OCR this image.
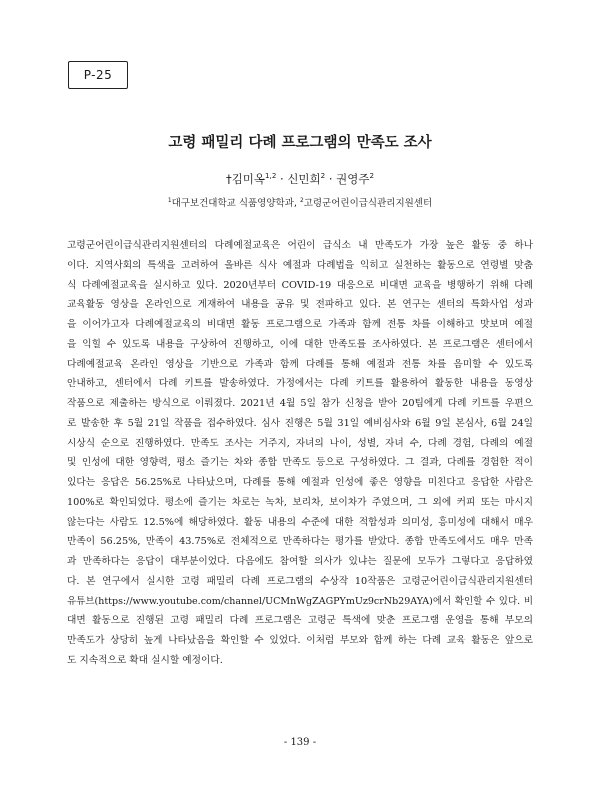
P-25
고령 패밀리 다례 프로그램의 만족도 조사
†김미옥$^{1,2}$ · 신민희$^2$ · 권영주$^2$
$^1$대구보건대학교 식품영양학과, $^2$고령군어린이급식관리지원센터
고령군어린이급식관리지원센터의 다례예절교육은 어린이 급식소 내 만족도가 가장 높은 활동 중 하나
이다. 지역사회의 특색을 고려하여 올바른 식사 예절과 다례법을 익히고 실천하는 활동으로 연령별 맞춤
식 다례예절교육을 실시하고 있다. 2020년부터 COVID-19 대응으로 비대면 교육을 병행하기 위해 다례
교육활동 영상을 온라인으로 게재하여 내용을 공유 및 전파하고 있다. 본 연구는 센터의 특화사업 성과
을 이어가고자 다례예절교육의 비대면 활동 프로그램으로 가족과 함께 전통 차를 이해하고 맛보며 예절
을 익힐 수 있도록 내용을 구상하여 진행하고, 이에 대한 만족도를 조사하였다. 본 프로그램은 센터에서
다례예절교육 온라인 영상을 기반으로 가족과 함께 다례를 통해 예절과 전통 차를 음미할 수 있도록
안내하고, 센터에서 다례 키트를 발송하였다. 가정에서는 다례 키트를 활용하여 활동한 내용을 동영상
작품으로 제출하는 방식으로 이뤄졌다. 2021년 4월 5일 참가 신청을 받아 20팀에게 다례 키트를 우편으
로 발송한 후 5월 21일 작품을 접수하였다. 심사 진행은 5월 31일 예비심사와 6월 9일 본심사, 6월 24일
시상식 순으로 진행하였다. 만족도 조사는 거주지, 자녀의 나이, 성별, 자녀 수, 다례 경험, 다례의 예절
및 인성에 대한 영향력, 평소 즐기는 차와 종합 만족도 등으로 구성하였다. 그 결과, 다례를 경험한 적이
있다는 응답은 56.25%로 나타났으며, 다례를 통해 예절과 인성에 좋은 영향을 미친다고 응답한 사람은
100%로 확인되었다. 평소에 즐기는 차로는 녹차, 보리차, 보이차가 주였으며, 그 외에 커피 또는 마시지
않는다는 사람도 12.5%에 해당하였다. 활동 내용의 수준에 대한 적합성과 의미성, 흥미성에 대해서 매우
만족이 56.25%, 만족이 43.75%로 전체적으로 만족하다는 평가를 받았다. 종합 만족도에서도 매우 만족
과 만족하다는 응답이 대부분이었다. 다음에도 참여할 의사가 있냐는 질문에 모두가 그렇다고 응답하였
다. 본 연구에서 실시한 고령 패밀리 다례 프로그램의 수상작 10작품은 고령군어린이급식관리지원센터
유튜브(https://www.youtube.com/channel/UCMnWgZAGPYmUz9crNb29AYA)에서 확인할 수 있다. 비
대면 활동으로 진행된 고령 패밀리 다례 프로그램은 고령군 특색에 맞춘 프로그램 운영을 통해 부모의
만족도가 상당히 높게 나타났음을 확인할 수 있었다. 이처럼 부모와 함께 하는 다례 교육 활동은 앞으로
도 지속적으로 확대 실시할 예정이다.
- 139 -
